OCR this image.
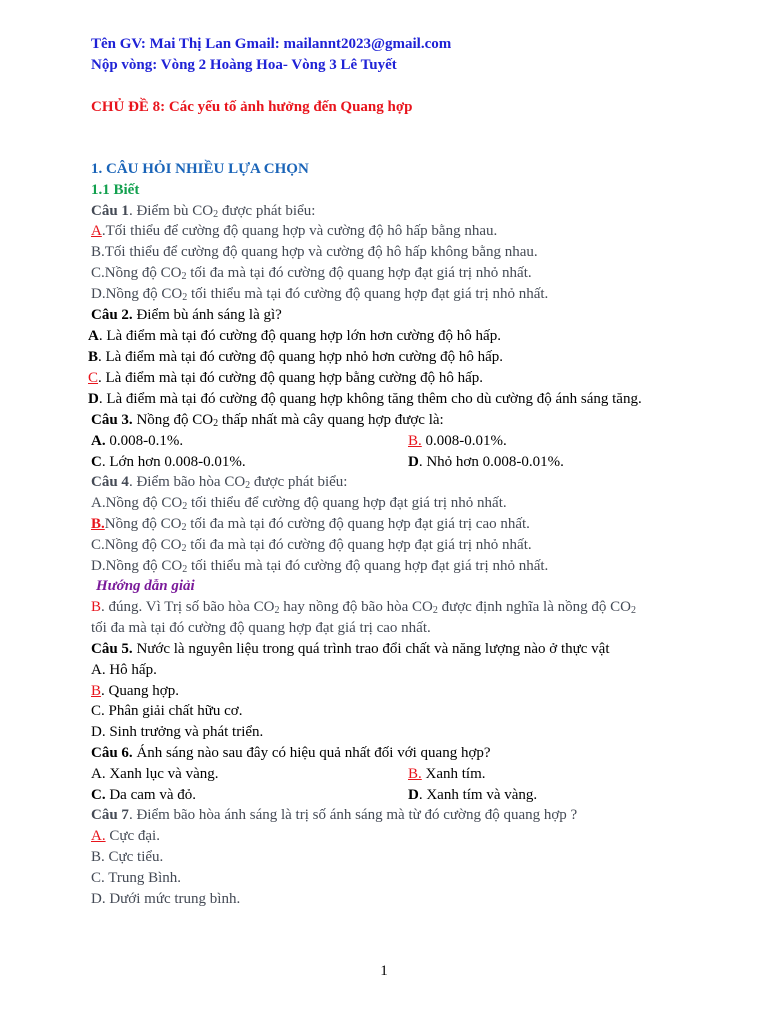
Tên GV: Mai Thị Lan Gmail: mailannt2023@gmail.com
Nộp vòng: Vòng 2 Hoàng Hoa- Vòng 3 Lê Tuyết
CHỦ ĐỀ 8: Các yếu tố ảnh hưởng đến Quang hợp
1. CÂU HỎI NHIỀU LỰA CHỌN
1.1 Biết
Câu 1. Điểm bù $CO_2$ được phát biểu:
A.Tối thiểu để cường độ quang hợp và cường độ hô hấp bằng nhau.
B.Tối thiểu để cường độ quang hợp và cường độ hô hấp không bằng nhau.
C.Nồng độ $CO_2$ tối đa mà tại đó cường độ quang hợp đạt giá trị nhỏ nhất.
D.Nồng độ $CO_2$ tối thiểu mà tại đó cường độ quang hợp đạt giá trị nhỏ nhất.
Câu 2. Điểm bù ánh sáng là gì?
A. Là điểm mà tại đó cường độ quang hợp lớn hơn cường độ hô hấp.
B. Là điểm mà tại đó cường độ quang hợp nhỏ hơn cường độ hô hấp.
C. Là điểm mà tại đó cường độ quang hợp bằng cường độ hô hấp.
D. Là điểm mà tại đó cường độ quang hợp không tăng thêm cho dù cường độ ánh sáng tăng.
Câu 3. Nồng độ $CO_2$ thấp nhất mà cây quang hợp được là:
A. 0.008-0.1%.	B. 0.008-0.01%.
C. Lớn hơn 0.008-0.01%.	D. Nhỏ hơn 0.008-0.01%.
Câu 4. Điểm bão hòa $CO_2$ được phát biểu:
A.Nồng độ $CO_2$ tối thiểu để cường độ quang hợp đạt giá trị nhỏ nhất.
B.Nồng độ $CO_2$ tối đa mà tại đó cường độ quang hợp đạt giá trị cao nhất.
C.Nồng độ $CO_2$ tối đa mà tại đó cường độ quang hợp đạt giá trị nhỏ nhất.
D.Nồng độ $CO_2$ tối thiểu mà tại đó cường độ quang hợp đạt giá trị nhỏ nhất.
Hướng dẫn giải
B. đúng. Vì Trị số bão hòa $CO_2$ hay nồng độ bão hòa $CO_2$ được định nghĩa là nồng độ $CO_2$
tối đa mà tại đó cường độ quang hợp đạt giá trị cao nhất.
Câu 5. Nước là nguyên liệu trong quá trình trao đổi chất và năng lượng nào ở thực vật
A. Hô hấp.
B. Quang hợp.
C. Phân giải chất hữu cơ.
D. Sinh trưởng và phát triển.
Câu 6. Ánh sáng nào sau đây có hiệu quả nhất đối với quang hợp?
A. Xanh lục và vàng.	B. Xanh tím.
C. Da cam và đỏ.	D. Xanh tím và vàng.
Câu 7. Điểm bão hòa ánh sáng là trị số ánh sáng mà từ đó cường độ quang hợp ?
A. Cực đại.
B. Cực tiểu.
C. Trung Bình.
D. Dưới mức trung bình.
1
